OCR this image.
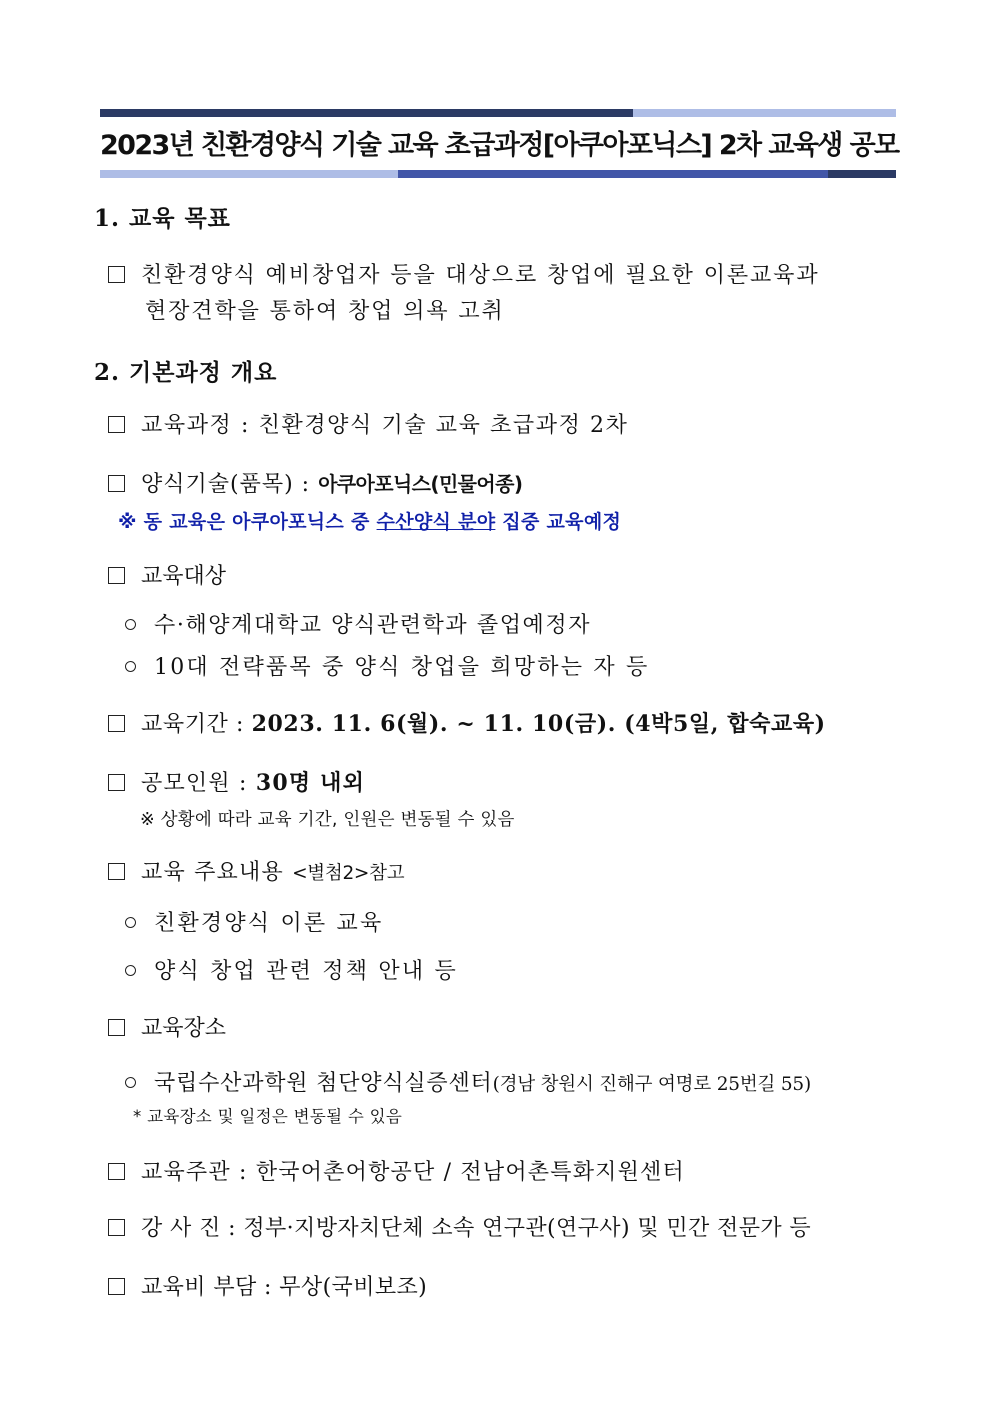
2023년 친환경양식 기술 교육 초급과정[아쿠아포닉스] 2차 교육생 공모
1. 교육 목표
친환경양식 예비창업자 등을 대상으로 창업에 필요한 이론교육과
현장견학을 통하여 창업 의욕 고취
2. 기본과정 개요
교육과정 : 친환경양식 기술 교육 초급과정 2차
양식기술(품목) : 아쿠아포닉스(민물어종)
※ 동 교육은 아쿠아포닉스 중 수산양식 분야 집중 교육예정
교육대상
수·해양계대학교 양식관련학과 졸업예정자
10대 전략품목 중 양식 창업을 희망하는 자 등
교육기간 : 2023. 11. 6(월). ~ 11. 10(금). (4박5일, 합숙교육)
공모인원 : 30명 내외
※ 상황에 따라 교육 기간, 인원은 변동될 수 있음
교육 주요내용 <별첨2>참고
친환경양식 이론 교육
양식 창업 관련 정책 안내 등
교육장소
국립수산과학원 첨단양식실증센터(경남 창원시 진해구 여명로 25번길 55)
* 교육장소 및 일정은 변동될 수 있음
교육주관 : 한국어촌어항공단 / 전남어촌특화지원센터
강 사 진 : 정부·지방자치단체 소속 연구관(연구사) 및 민간 전문가 등
교육비 부담 : 무상(국비보조)
